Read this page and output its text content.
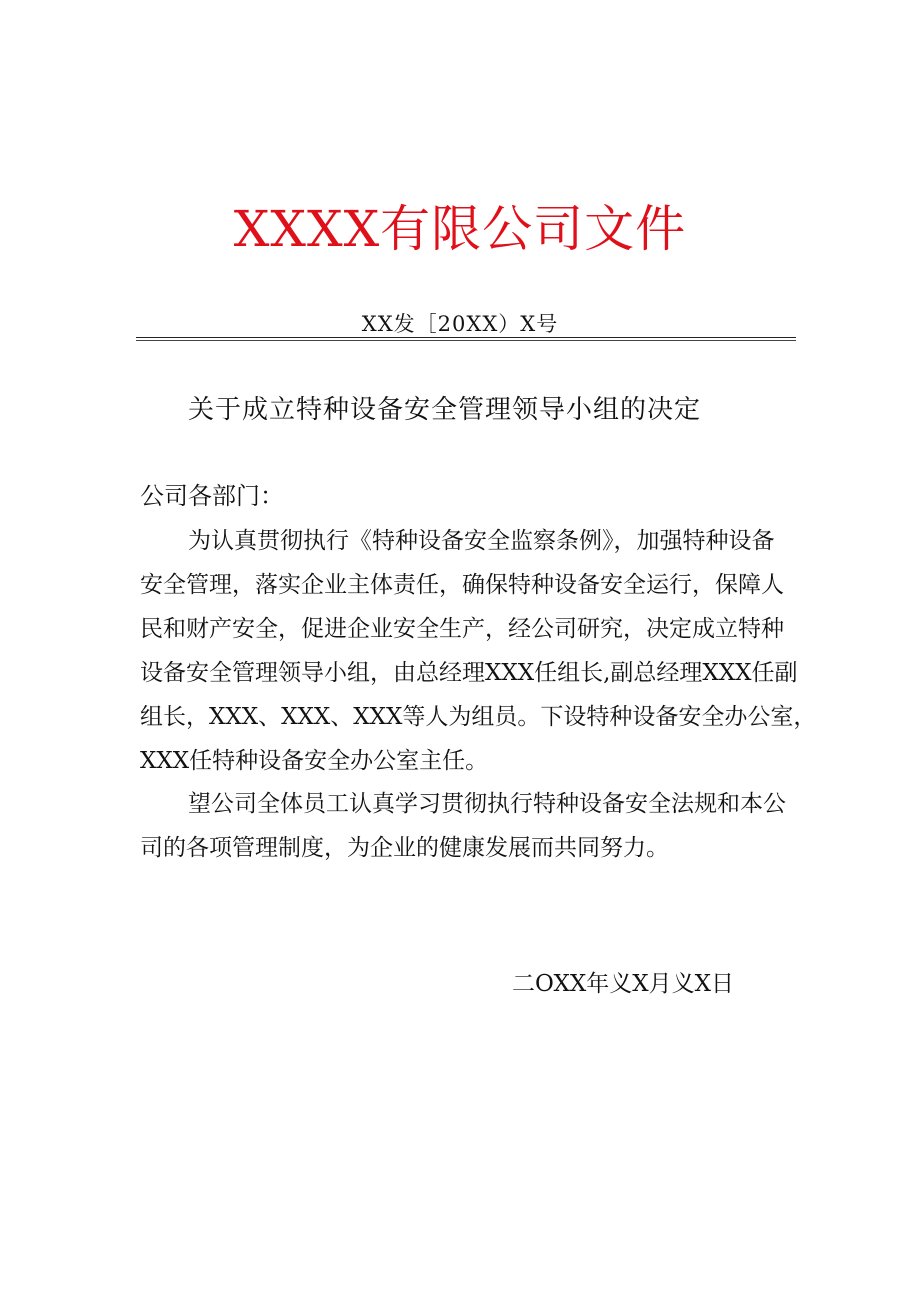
XXXX有限公司文件
XX发［20XX）X号
关于成立特种设备安全管理领导小组的决定
公司各部门：
为认真贯彻执行《特种设备安全监察条例》，加强特种设备
安全管理，落实企业主体责任，确保特种设备安全运行，保障人
民和财产安全，促进企业安全生产，经公司研究，决定成立特种
设备安全管理领导小组，由总经理XXX任组长,副总经理XXX任副
组长，XXX、XXX、XXX等人为组员。下设特种设备安全办公室，
XXX任特种设备安全办公室主任。
望公司全体员工认真学习贯彻执行特种设备安全法规和本公
司的各项管理制度，为企业的健康发展而共同努力。
二OXX年义X月义X日
